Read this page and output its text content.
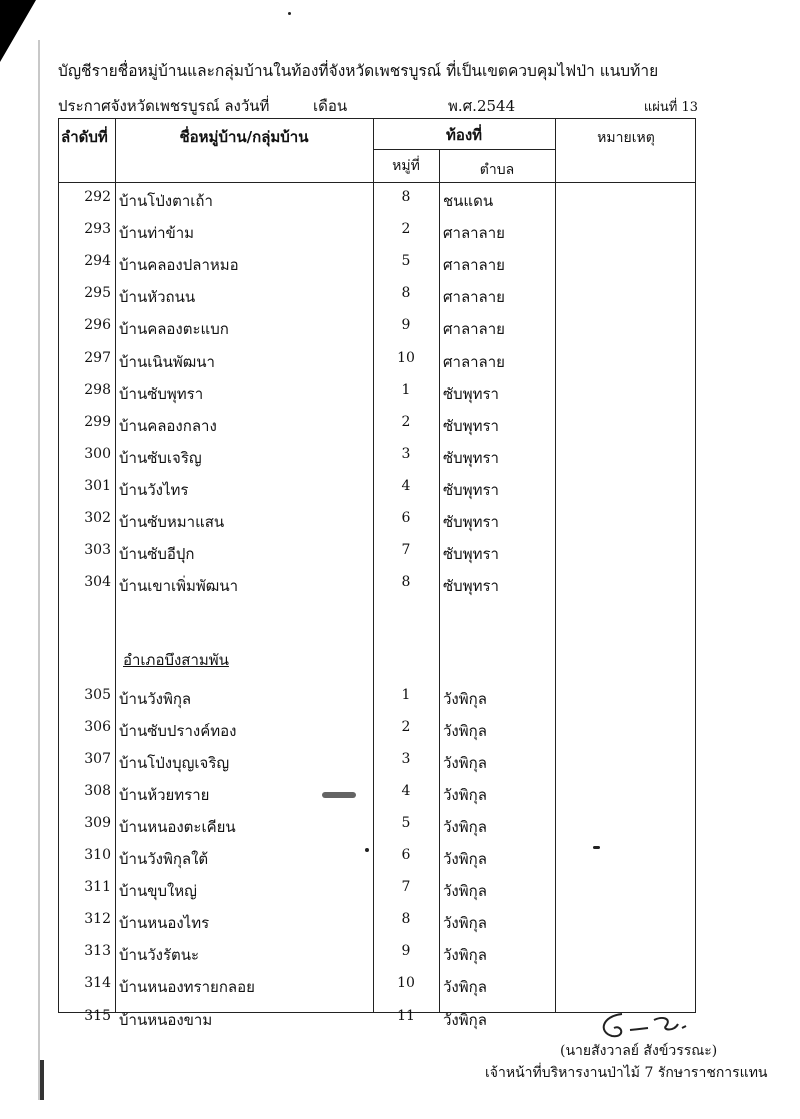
บัญชีรายชื่อหมู่บ้านและกลุ่มบ้านในท้องที่จังหวัดเพชรบูรณ์ ที่เป็นเขตควบคุมไฟป่า แนบท้าย
ประกาศจังหวัดเพชรบูรณ์ ลงวันที่	เดือน	พ.ศ.2544	แผ่นที่ 13
ลำดับที่	ชื่อหมู่บ้าน/กลุ่มบ้าน	ท้องที่
หมู่ที่	ตำบล
หมายเหตุ
อำเภอบึงสามพัน
292 บ้านโป่งตาเถ้า	8	ชนแดน
293 บ้านท่าข้าม	2	ศาลาลาย
294 บ้านคลองปลาหมอ	5	ศาลาลาย
295 บ้านหัวถนน	8	ศาลาลาย
296 บ้านคลองตะแบก	9	ศาลาลาย
297 บ้านเนินพัฒนา	10	ศาลาลาย
298 บ้านซับพุทรา	1	ซับพุทรา
299 บ้านคลองกลาง	2	ซับพุทรา
300 บ้านซับเจริญ	3	ซับพุทรา
301 บ้านวังไทร	4	ซับพุทรา
302 บ้านซับหมาแสน	6	ซับพุทรา
303 บ้านซับอีปุก	7	ซับพุทรา
304 บ้านเขาเพิ่มพัฒนา	8	ซับพุทรา
305 บ้านวังพิกุล	1	วังพิกุล
306 บ้านซับปรางค์ทอง	2	วังพิกุล
307 บ้านโป่งบุญเจริญ	3	วังพิกุล
308 บ้านห้วยทราย	4	วังพิกุล
309 บ้านหนองตะเคียน	5	วังพิกุล
310 บ้านวังพิกุลใต้	6	วังพิกุล
311 บ้านขุบใหญ่	7	วังพิกุล
312 บ้านหนองไทร	8	วังพิกุล
313 บ้านวังรัตนะ	9	วังพิกุล
314 บ้านหนองทรายกลอย	10	วังพิกุล
315 บ้านหนองขาม	11	วังพิกุล
(นายสังวาลย์ สังข์วรรณะ)
เจ้าหน้าที่บริหารงานป่าไม้ 7 รักษาราชการแทน
